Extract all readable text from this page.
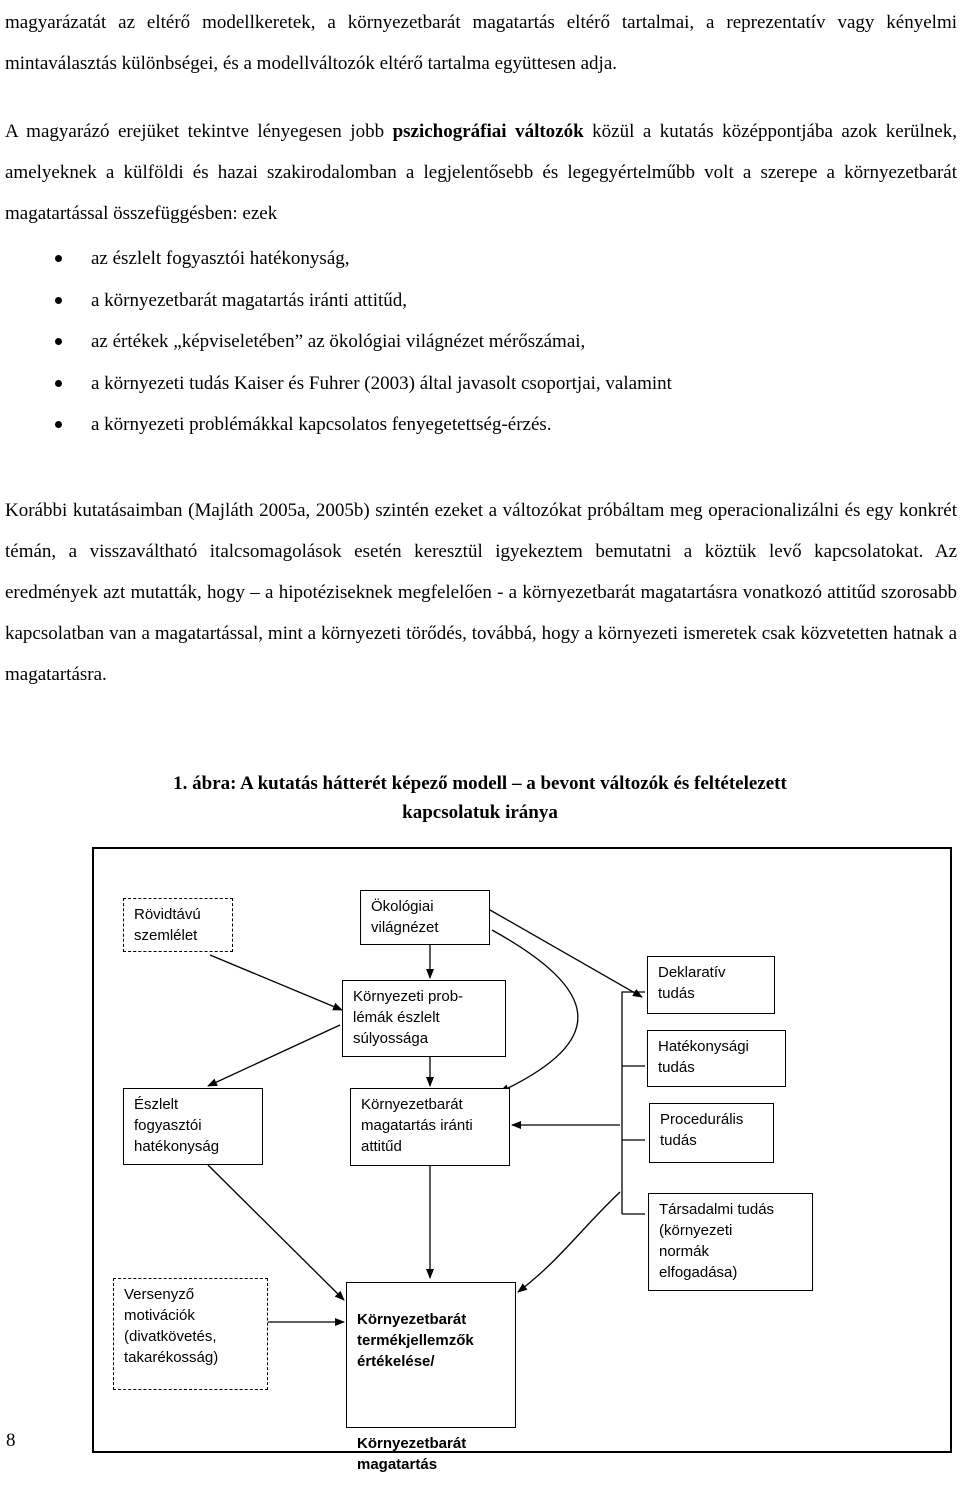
magyarázatát az eltérő modellkeretek, a környezetbarát magatartás eltérő tartalmai, a reprezentatív vagy kényelmi mintaválasztás különbségei, és a modellváltozók eltérő tartalma együttesen adja.
A magyarázó erejüket tekintve lényegesen jobb pszichográfiai változók közül a kutatás középpontjába azok kerülnek, amelyeknek a külföldi és hazai szakirodalomban a legjelentősebb és legegyértelműbb volt a szerepe a környezetbarát magatartással összefüggésben: ezek
az észlelt fogyasztói hatékonyság,
a környezetbarát magatartás iránti attitűd,
az értékek „képviseletében” az ökológiai világnézet mérőszámai,
a környezeti tudás Kaiser és Fuhrer (2003) által javasolt csoportjai, valamint
a környezeti problémákkal kapcsolatos fenyegetettség-érzés.
Korábbi kutatásaimban (Majláth 2005a, 2005b) szintén ezeket a változókat próbáltam meg operacionalizálni és egy konkrét témán, a visszaváltható italcsomagolások esetén keresztül igyekeztem bemutatni a köztük levő kapcsolatokat. Az eredmények azt mutatták, hogy – a hipotéziseknek megfelelően - a környezetbarát magatartásra vonatkozó attitűd szorosabb kapcsolatban van a magatartással, mint a környezeti törődés, továbbá, hogy a környezeti ismeretek csak közvetetten hatnak a magatartásra.
1. ábra: A kutatás hátterét képező modell – a bevont változók és feltételezett
kapcsolatuk iránya
Rövidtávú
szemlélet
Ökológiai
világnézet
Környezeti prob-
lémák észlelt
súlyossága
Deklaratív
tudás
Hatékonysági
tudás
Észlelt
fogyasztói
hatékonyság
Környezetbarát
magatartás iránti
attitűd
Procedurális
tudás
Társadalmi tudás
(környezeti
normák
elfogadása)
Versenyző
motivációk
(divatkövetés,
takarékosság)

Környezetbarát
termékjellemzők
értékelése/

Környezetbarát
magatartás

8
